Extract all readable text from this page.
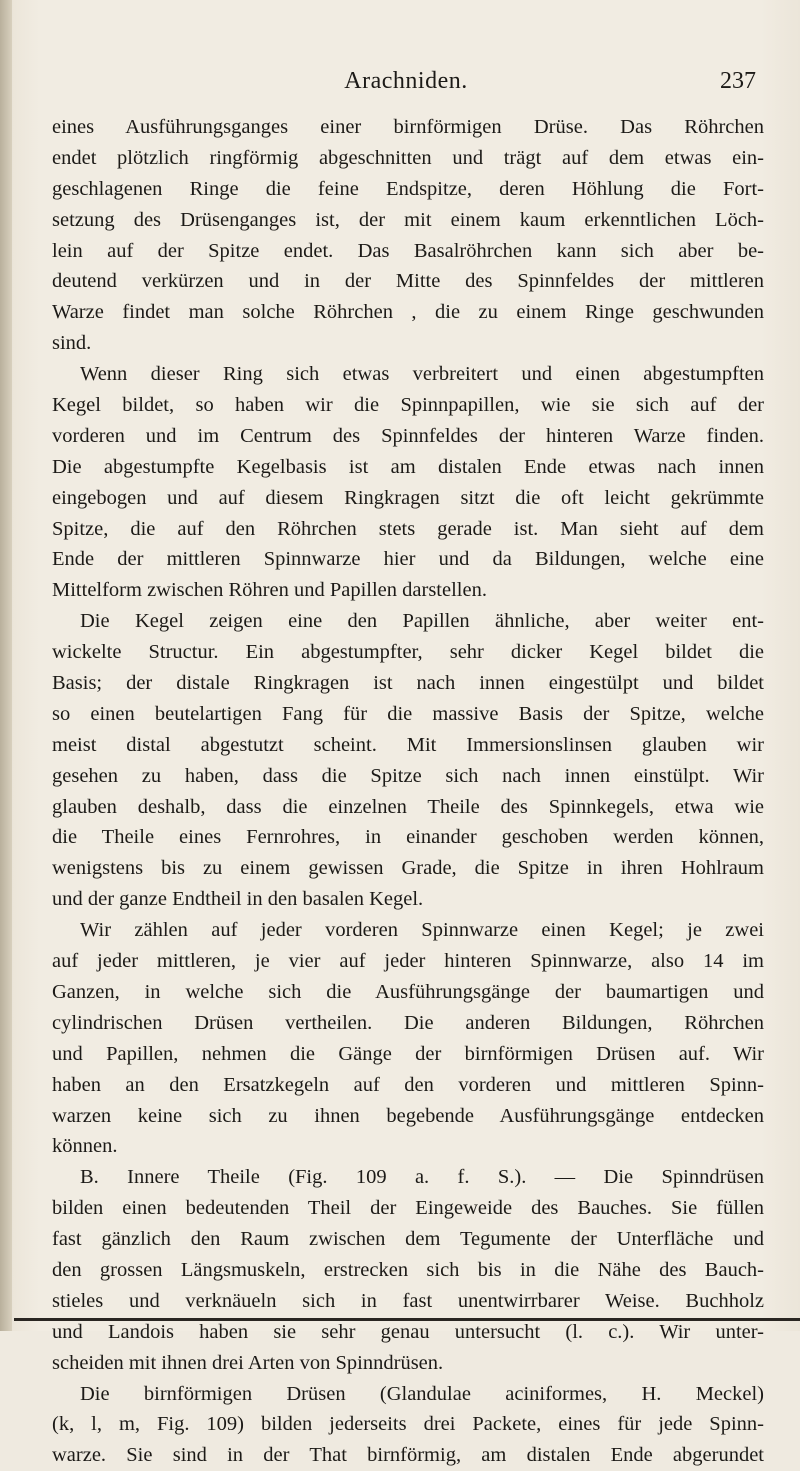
Arachniden.	237
eines Ausführungsganges einer birnförmigen Drüse. Das Röhrchen
endet plötzlich ringförmig abgeschnitten und trägt auf dem etwas ein-
geschlagenen Ringe die feine Endspitze, deren Höhlung die Fort-
setzung des Drüsenganges ist, der mit einem kaum erkenntlichen Löch-
lein auf der Spitze endet. Das Basalröhrchen kann sich aber be-
deutend verkürzen und in der Mitte des Spinnfeldes der mittleren
Warze findet man solche Röhrchen , die zu einem Ringe geschwunden
sind.
Wenn dieser Ring sich etwas verbreitert und einen abgestumpften
Kegel bildet, so haben wir die Spinnpapillen, wie sie sich auf der
vorderen und im Centrum des Spinnfeldes der hinteren Warze finden.
Die abgestumpfte Kegelbasis ist am distalen Ende etwas nach innen
eingebogen und auf diesem Ringkragen sitzt die oft leicht gekrümmte
Spitze, die auf den Röhrchen stets gerade ist. Man sieht auf dem
Ende der mittleren Spinnwarze hier und da Bildungen, welche eine
Mittelform zwischen Röhren und Papillen darstellen.
Die Kegel zeigen eine den Papillen ähnliche, aber weiter ent-
wickelte Structur. Ein abgestumpfter, sehr dicker Kegel bildet die
Basis; der distale Ringkragen ist nach innen eingestülpt und bildet
so einen beutelartigen Fang für die massive Basis der Spitze, welche
meist distal abgestutzt scheint. Mit Immersionslinsen glauben wir
gesehen zu haben, dass die Spitze sich nach innen einstülpt. Wir
glauben deshalb, dass die einzelnen Theile des Spinnkegels, etwa wie
die Theile eines Fernrohres, in einander geschoben werden können,
wenigstens bis zu einem gewissen Grade, die Spitze in ihren Hohlraum
und der ganze Endtheil in den basalen Kegel.
Wir zählen auf jeder vorderen Spinnwarze einen Kegel; je zwei
auf jeder mittleren, je vier auf jeder hinteren Spinnwarze, also 14 im
Ganzen, in welche sich die Ausführungsgänge der baumartigen und
cylindrischen Drüsen vertheilen. Die anderen Bildungen, Röhrchen
und Papillen, nehmen die Gänge der birnförmigen Drüsen auf. Wir
haben an den Ersatzkegeln auf den vorderen und mittleren Spinn-
warzen keine sich zu ihnen begebende Ausführungsgänge entdecken
können.
B. Innere Theile (Fig. 109 a. f. S.). — Die Spinndrüsen
bilden einen bedeutenden Theil der Eingeweide des Bauches. Sie füllen
fast gänzlich den Raum zwischen dem Tegumente der Unterfläche und
den grossen Längsmuskeln, erstrecken sich bis in die Nähe des Bauch-
stieles und verknäueln sich in fast unentwirrbarer Weise. Buchholz
und Landois haben sie sehr genau untersucht (l. c.). Wir unter-
scheiden mit ihnen drei Arten von Spinndrüsen.
Die birnförmigen Drüsen (Glandulae aciniformes, H. Meckel)
(k, l, m, Fig. 109) bilden jederseits drei Packete, eines für jede Spinn-
warze. Sie sind in der That birnförmig, am distalen Ende abgerundet
